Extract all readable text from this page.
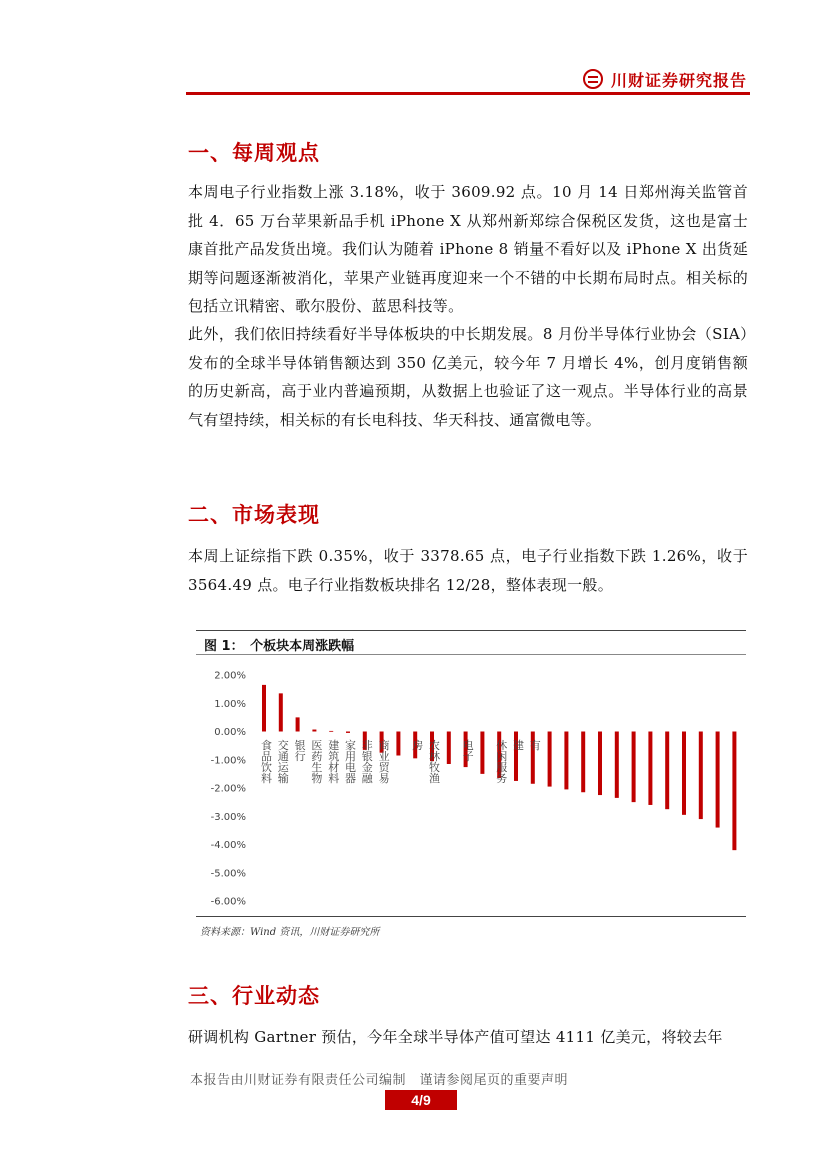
川财证券研究报告
一、每周观点

本周电子行业指数上涨 3.18%，收于 3609.92 点。10 月 14 日郑州海关监管首批 4．65 万台苹果新品手机 iPhone X 从郑州新郑综合保税区发货，这也是富士康首批产品发货出境。我们认为随着 iPhone 8 销量不看好以及 iPhone X 出货延期等问题逐渐被消化，苹果产业链再度迎来一个不错的中长期布局时点。相关标的包括立讯精密、歌尔股份、蓝思科技等。

此外，我们依旧持续看好半导体板块的中长期发展。8 月份半导体行业协会（SIA）发布的全球半导体销售额达到 350 亿美元，较今年 7 月增长 4%，创月度销售额的历史新高，高于业内普遍预期，从数据上也验证了这一观点。半导体行业的高景气有望持续，相关标的有长电科技、华天科技、通富微电等。

二、市场表现

本周上证综指下跌 0.35%，收于 3378.65 点，电子行业指数下跌 1.26%，收于 3564.49 点。电子行业指数板块排名 12/28，整体表现一般。

图 1：　个板块本周涨跌幅
2.00%
1.00%
0.00%
-1.00%
-2.00%
-3.00%
-4.00%
-5.00%
-6.00%
食品饮料 交通运输 银行 医药生物 建筑材料 家用电器 非银金融 商业贸易 房 农林牧渔 电子 休闲服务 建 有
资料来源：Wind 资讯，川财证券研究所
三、行业动态

研调机构 Gartner 预估，今年全球半导体产值可望达 4111 亿美元，将较去年

本报告由川财证券有限责任公司编制　谨请参阅尾页的重要声明
4/9
